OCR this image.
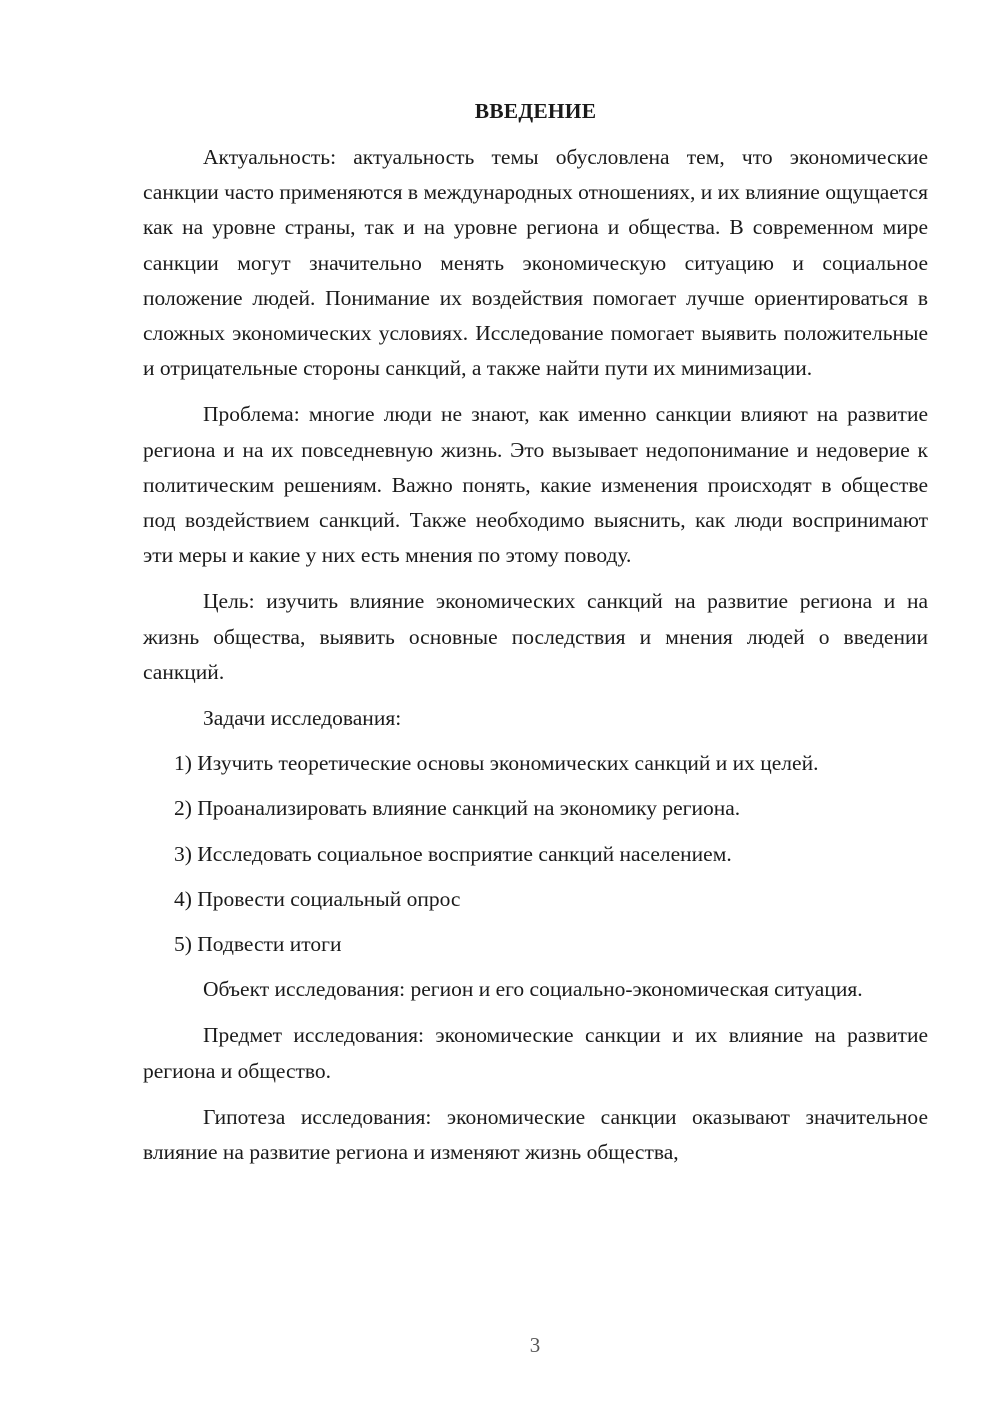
ВВЕДЕНИЕ

Актуальность: актуальность темы обусловлена тем, что экономические санкции часто применяются в международных отношениях, и их влияние ощущается как на уровне страны, так и на уровне региона и общества. В современном мире санкции могут значительно менять экономическую ситуацию и социальное положение людей. Понимание их воздействия помогает лучше ориентироваться в сложных экономических условиях. Исследование помогает выявить положительные и отрицательные стороны санкций, а также найти пути их минимизации.

Проблема: многие люди не знают, как именно санкции влияют на развитие региона и на их повседневную жизнь. Это вызывает недопонимание и недоверие к политическим решениям. Важно понять, какие изменения происходят в обществе под воздействием санкций. Также необходимо выяснить, как люди воспринимают эти меры и какие у них есть мнения по этому поводу.

Цель: изучить влияние экономических санкций на развитие региона и на жизнь общества, выявить основные последствия и мнения людей о введении санкций.

Задачи исследования:

1) Изучить теоретические основы экономических санкций и их целей.
2) Проанализировать влияние санкций на экономику региона.
3) Исследовать социальное восприятие санкций населением.
4) Провести социальный опрос
5) Подвести итоги

Объект исследования: регион и его социально-экономическая ситуация.

Предмет исследования: экономические санкции и их влияние на развитие региона и общество.

Гипотеза исследования: экономические санкции оказывают значительное влияние на развитие региона и изменяют жизнь общества,

3
